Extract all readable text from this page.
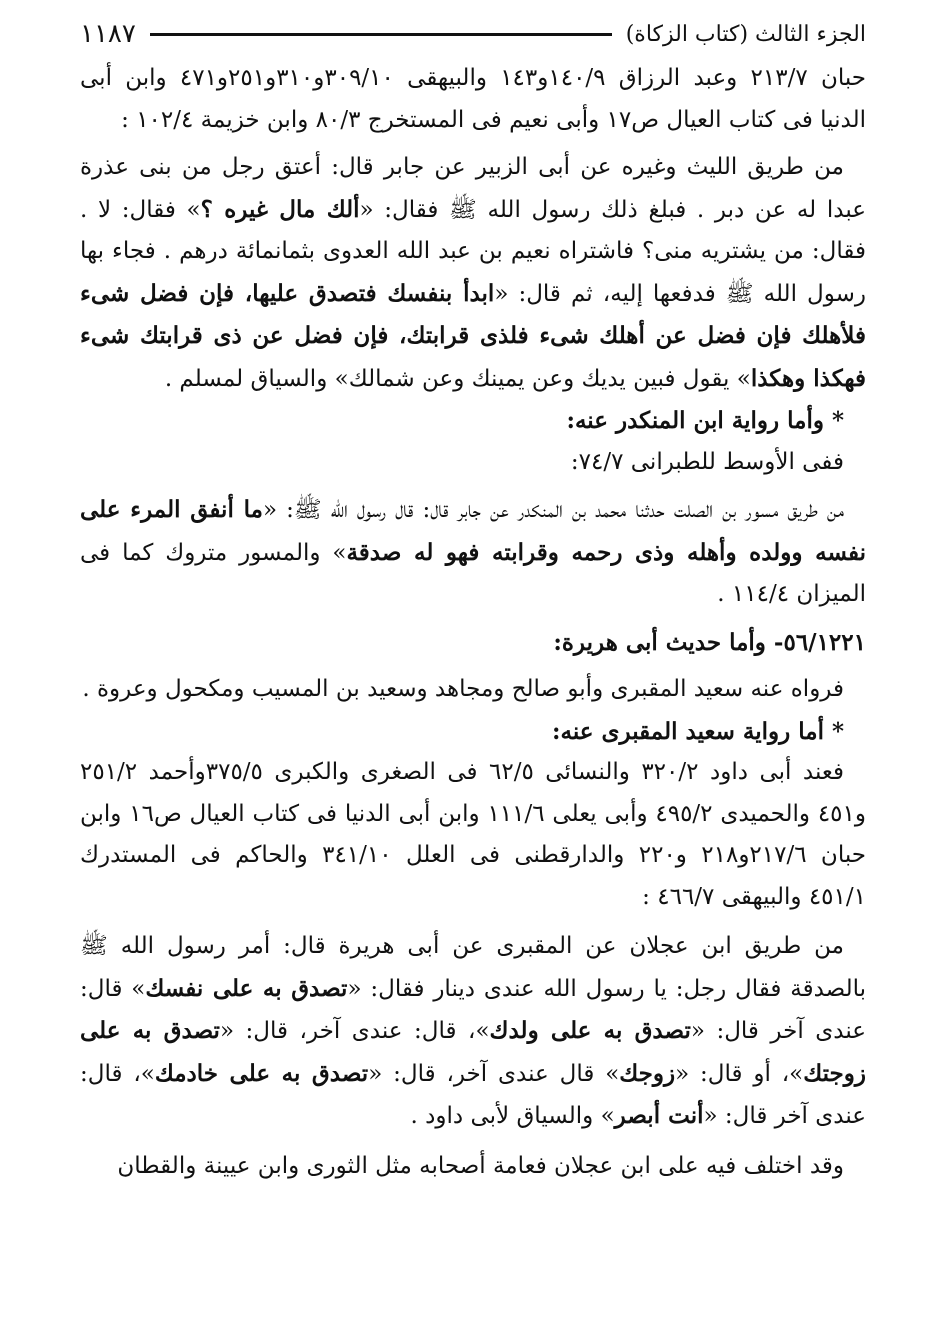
الجزء الثالث (كتاب الزكاة)
١١٨٧

حبان ٢١٣/٧ وعبد الرزاق ١٤٠/٩و١٤٣ والبيهقى ٣٠٩/١٠و٣١٠و٢٥١و٤٧١ وابن أبى الدنيا فى كتاب العيال ص١٧ وأبى نعيم فى المستخرج ٨٠/٣ وابن خزيمة ١٠٢/٤ :

من طريق الليث وغيره عن أبى الزبير عن جابر قال: أعتق رجل من بنى عذرة عبدا له عن دبر . فبلغ ذلك رسول الله ﷺ فقال: «ألك مال غيره ؟» فقال: لا . فقال: من يشتريه منى؟ فاشتراه نعيم بن عبد الله العدوى بثمانمائة درهم . فجاء بها رسول الله ﷺ فدفعها إليه، ثم قال: «ابدأ بنفسك فتصدق عليها، فإن فضل شىء فلأهلك فإن فضل عن أهلك شىء فلذى قرابتك، فإن فضل عن ذى قرابتك شىء فهكذا وهكذا» يقول فبين يديك وعن يمينك وعن شمالك» والسياق لمسلم .

* وأما رواية ابن المنكدر عنه:

ففى الأوسط للطبرانى ٧٤/٧:

من طريق مسور بن الصلت حدثنا محمد بن المنكدر عن جابر قال: قال رسول الله ﷺ: «ما أنفق المرء على نفسه وولده وأهله وذى رحمه وقرابته فهو له صدقة» والمسور متروك كما فى الميزان ١١٤/٤ .

٥٦/١٢٢١- وأما حديث أبى هريرة:

فرواه عنه سعيد المقبرى وأبو صالح ومجاهد وسعيد بن المسيب ومكحول وعروة .

* أما رواية سعيد المقبرى عنه:

فعند أبى داود ٣٢٠/٢ والنسائى ٦٢/٥ فى الصغرى والكبرى ٣٧٥/٥وأحمد ٢٥١/٢ و٤٥١ والحميدى ٤٩٥/٢ وأبى يعلى ١١١/٦ وابن أبى الدنيا فى كتاب العيال ص١٦ وابن حبان ٢١٧/٦و٢١٨ و٢٢٠ والدارقطنى فى العلل ٣٤١/١٠ والحاكم فى المستدرك ٤٥١/١ والبيهقى ٤٦٦/٧ :

من طريق ابن عجلان عن المقبرى عن أبى هريرة قال: أمر رسول الله ﷺ بالصدقة فقال رجل: يا رسول الله عندى دينار فقال: «تصدق به على نفسك» قال: عندى آخر قال: «تصدق به على ولدك»، قال: عندى آخر، قال: «تصدق به على زوجتك»، أو قال: «زوجك» قال عندى آخر، قال: «تصدق به على خادمك»، قال: عندى آخر قال: «أنت أبصر» والسياق لأبى داود .

وقد اختلف فيه على ابن عجلان فعامة أصحابه مثل الثورى وابن عيينة والقطان
